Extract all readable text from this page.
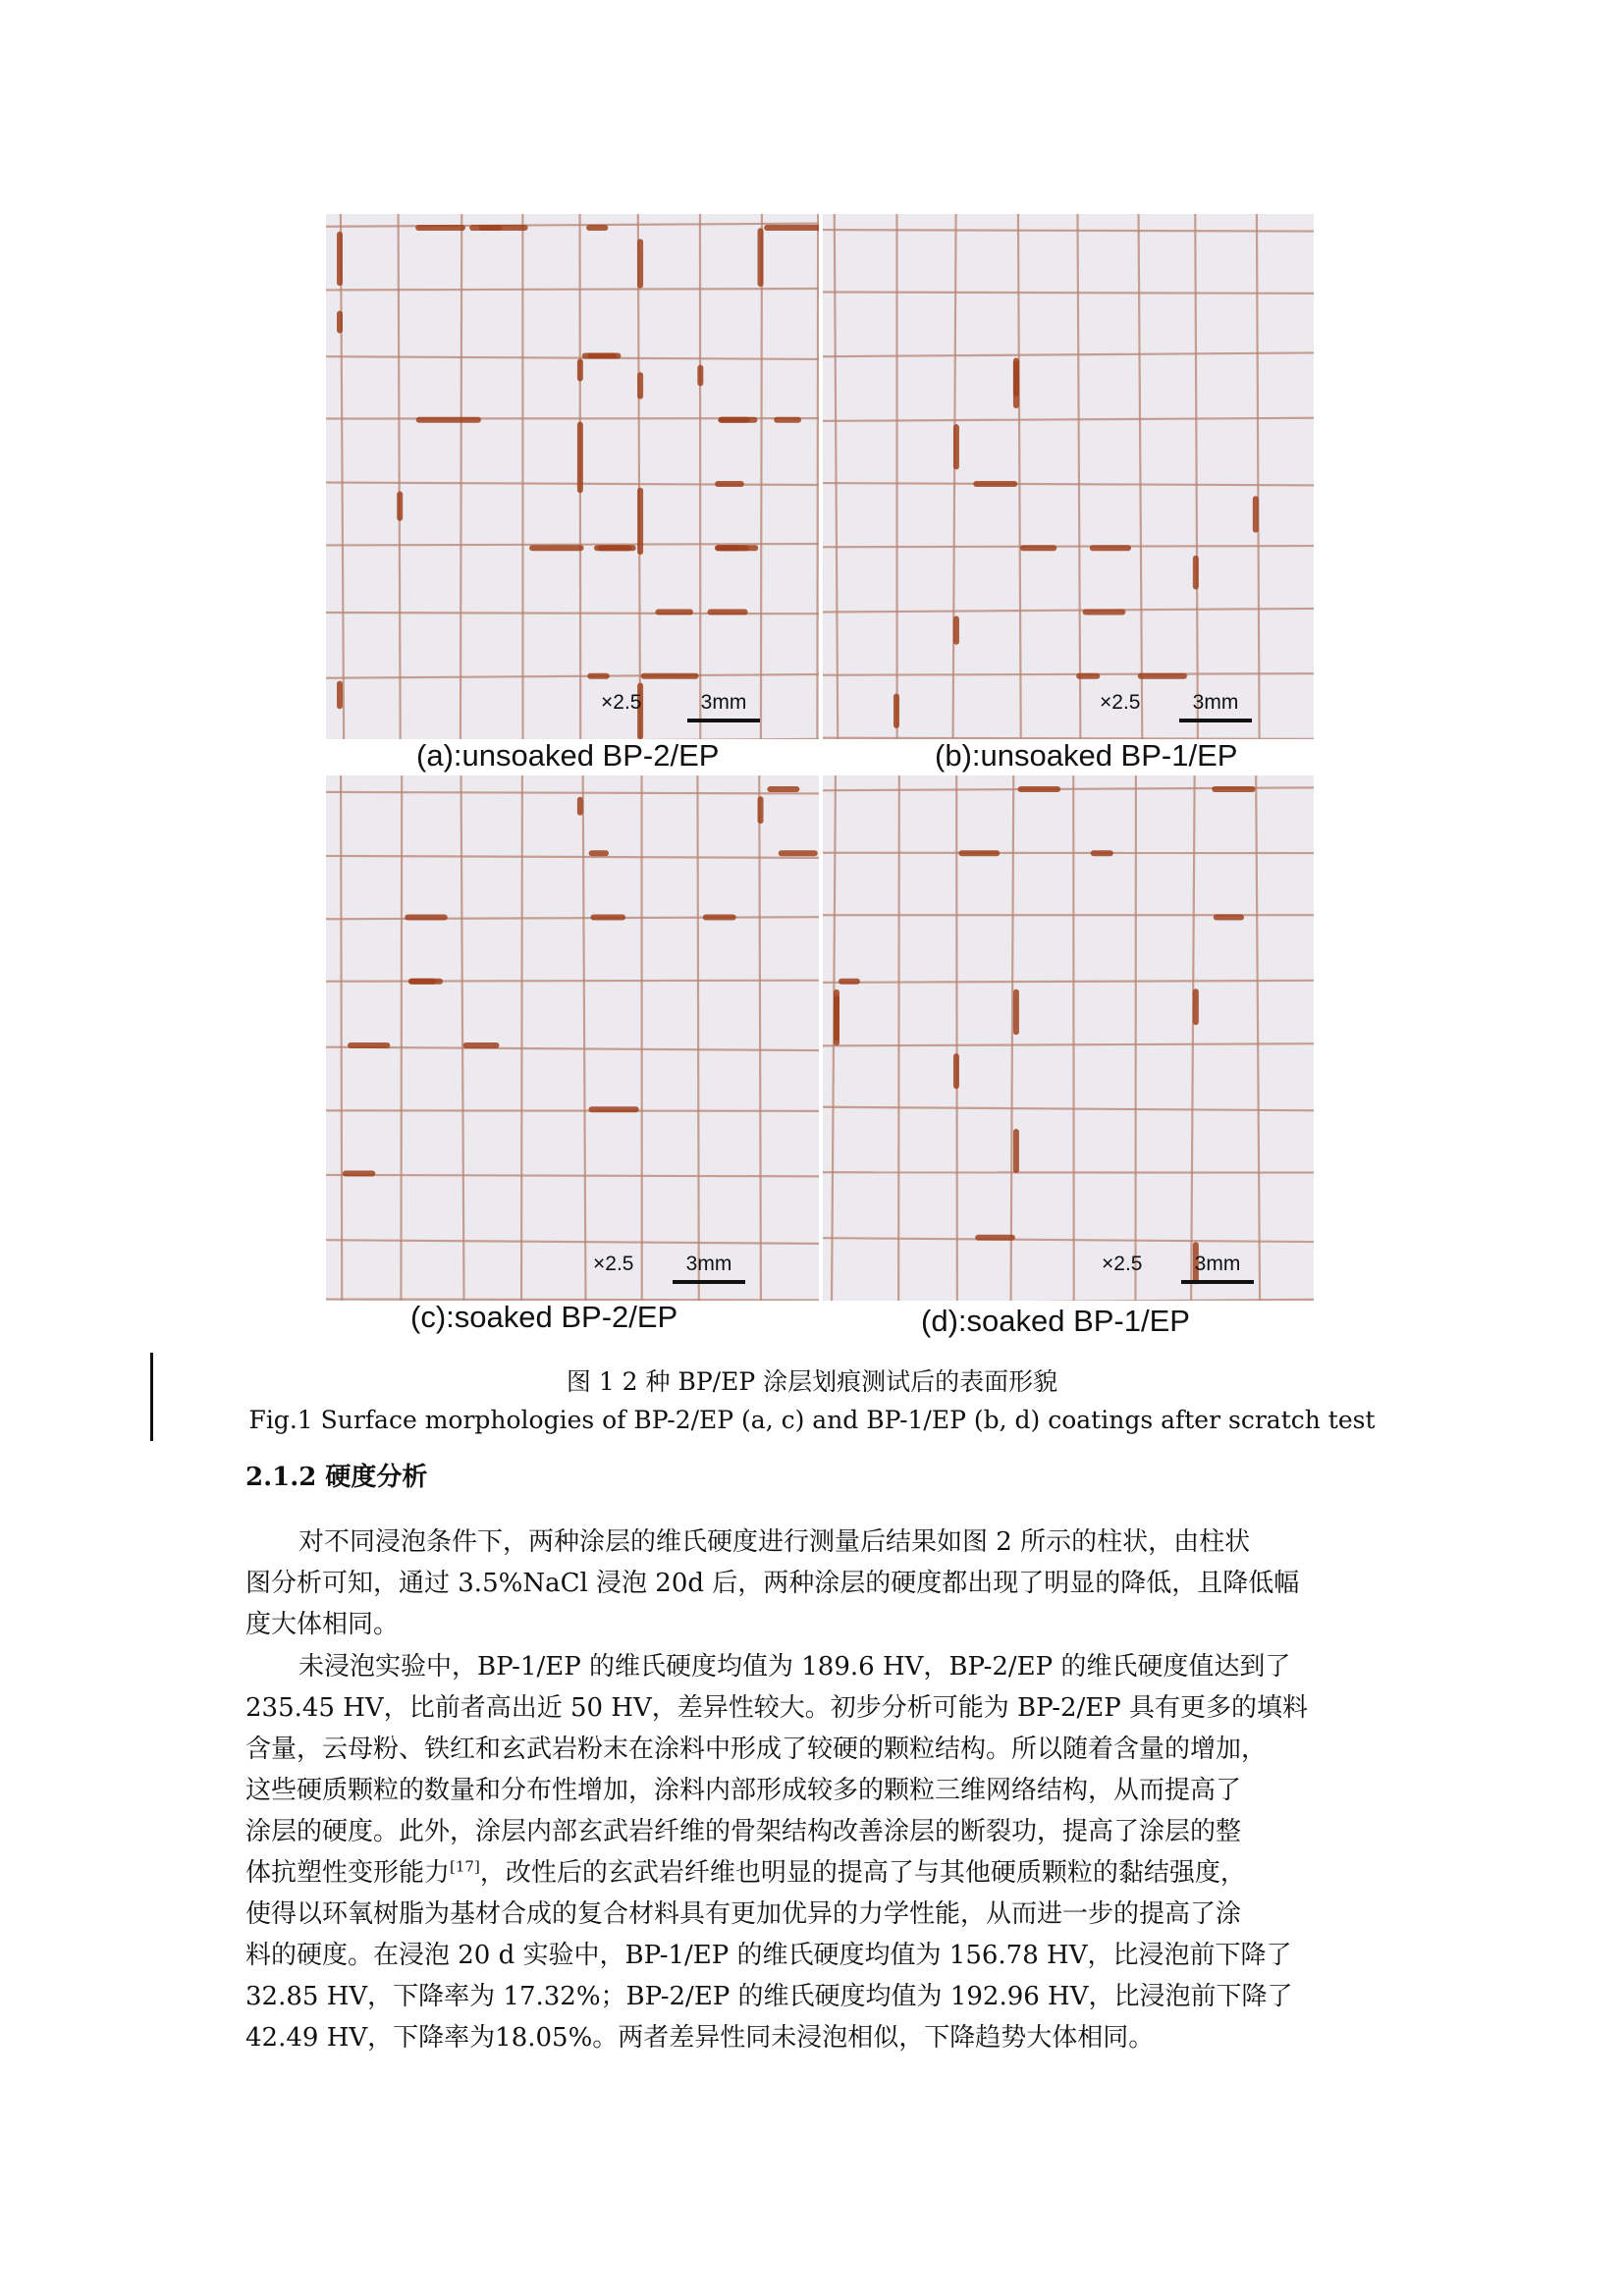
×2.5	3mm
(a):unsoaked BP-2/EP
×2.5	3mm
(b):unsoaked BP-1/EP
×2.5	3mm
(c):soaked BP-2/EP
×2.5	3mm
(d):soaked BP-1/EP
图 1 2 种 BP/EP 涂层划痕测试后的表面形貌
Fig.1 Surface morphologies of BP-2/EP (a, c) and BP-1/EP (b, d) coatings after scratch test
2.1.2 硬度分析
对不同浸泡条件下，两种涂层的维氏硬度进行测量后结果如图 2 所示的柱状，由柱状
图分析可知，通过 3.5%NaCl 浸泡 20d 后，两种涂层的硬度都出现了明显的降低，且降低幅
度大体相同。
未浸泡实验中，BP-1/EP 的维氏硬度均值为 189.6 HV，BP-2/EP 的维氏硬度值达到了
235.45 HV，比前者高出近 50 HV，差异性较大。初步分析可能为 BP-2/EP 具有更多的填料
含量，云母粉、铁红和玄武岩粉末在涂料中形成了较硬的颗粒结构。所以随着含量的增加，
这些硬质颗粒的数量和分布性增加，涂料内部形成较多的颗粒三维网络结构，从而提高了
涂层的硬度。此外，涂层内部玄武岩纤维的骨架结构改善涂层的断裂功，提高了涂层的整
体抗塑性变形能力[17]，改性后的玄武岩纤维也明显的提高了与其他硬质颗粒的黏结强度，
使得以环氧树脂为基材合成的复合材料具有更加优异的力学性能，从而进一步的提高了涂
料的硬度。在浸泡 20 d 实验中，BP-1/EP 的维氏硬度均值为 156.78 HV，比浸泡前下降了
32.85 HV，下降率为 17.32%；BP-2/EP 的维氏硬度均值为 192.96 HV，比浸泡前下降了
42.49 HV，下降率为18.05%。两者差异性同未浸泡相似，下降趋势大体相同。
